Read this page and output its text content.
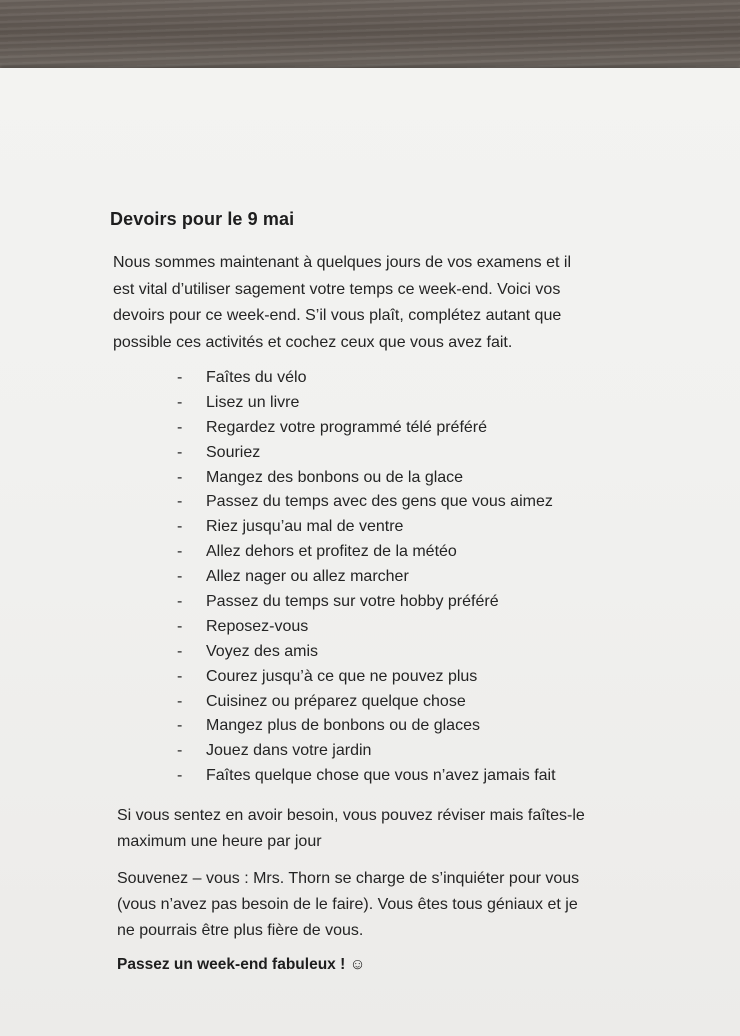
Devoirs pour le 9 mai

Nous sommes maintenant à quelques jours de vos examens et il
est vital d’utiliser sagement votre temps ce week-end. Voici vos
devoirs pour ce week-end. S’il vous plaît, complétez autant que
possible ces activités et cochez ceux que vous avez fait.

- Faîtes du vélo
- Lisez un livre
- Regardez votre programmé télé préféré
- Souriez
- Mangez des bonbons ou de la glace
- Passez du temps avec des gens que vous aimez
- Riez jusqu’au mal de ventre
- Allez dehors et profitez de la météo
- Allez nager ou allez marcher
- Passez du temps sur votre hobby préféré
- Reposez-vous
- Voyez des amis
- Courez jusqu’à ce que ne pouvez plus
- Cuisinez ou préparez quelque chose
- Mangez plus de bonbons ou de glaces
- Jouez dans votre jardin
- Faîtes quelque chose que vous n’avez jamais fait

Si vous sentez en avoir besoin, vous pouvez réviser mais faîtes-le
maximum une heure par jour

Souvenez – vous : Mrs. Thorn se charge de s’inquiéter pour vous
(vous n’avez pas besoin de le faire). Vous êtes tous géniaux et je
ne pourrais être plus fière de vous.

Passez un week-end fabuleux ! ☺
